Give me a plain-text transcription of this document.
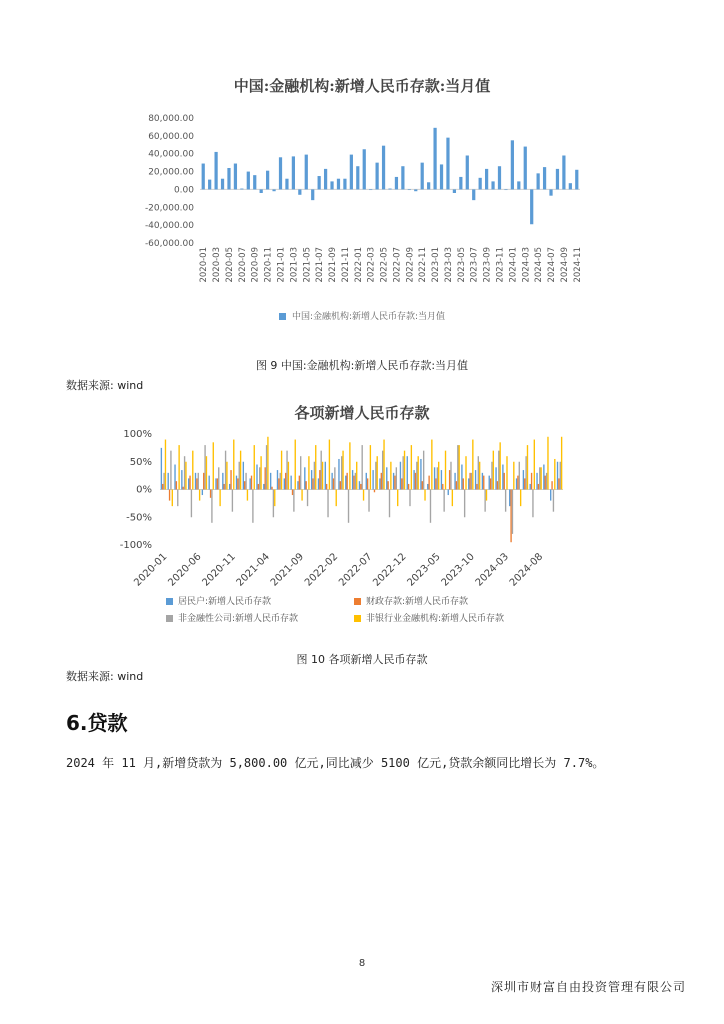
中国:金融机构:新增人民币存款:当月值
80,000.00
60,000.00
40,000.00
20,000.00
0.00
-20,000.00
-40,000.00
-60,000.00
2020-01 2020-03 2020-05 2020-07 2020-09 2020-11 2021-01 2021-03 2021-05 2021-07 2021-09 2021-11 2022-01 2022-03 2022-05 2022-07 2022-09 2022-11 2023-01 2023-03 2023-05 2023-07 2023-09 2023-11 2024-01 2024-03 2024-05 2024-07 2024-09 2024-11
中国:金融机构:新增人民币存款:当月值
图 9 中国:金融机构:新增人民币存款:当月值
数据来源: wind
各项新增人民币存款
100%
50%
0%
-50%
-100%
2020-01
2020-06
2020-11
2021-04
2021-09
2022-02
2022-07
2022-12
2023-05
2023-10
2024-03
2024-08
居民户:新增人民币存款	财政存款:新增人民币存款
非金融性公司:新增人民币存款	非银行业金融机构:新增人民币存款
图 10 各项新增人民币存款
数据来源: wind
6.贷款
2024 年 11 月,新增贷款为 5,800.00 亿元,同比减少 5100 亿元,贷款余额同比增长为 7.7%。
8
深圳市财富自由投资管理有限公司
